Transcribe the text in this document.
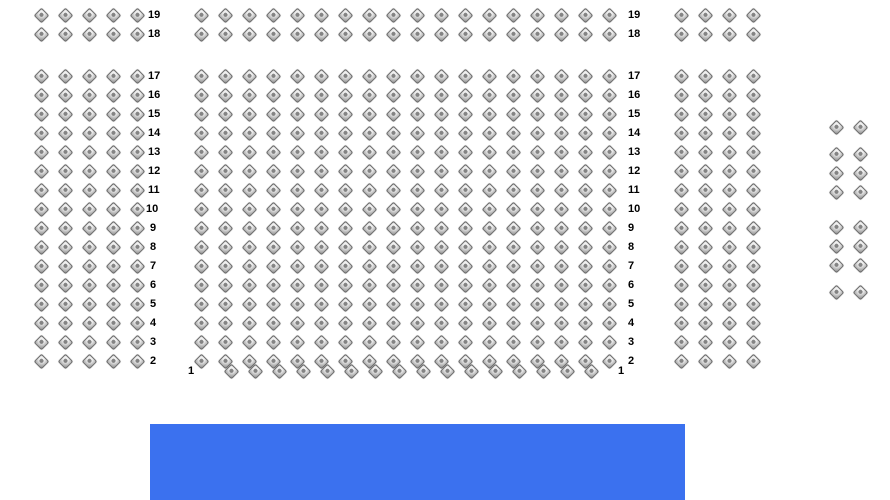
19
18
19
18
17
16
15
14
13
12
11
17
16
15
14
13
12
11
10
9
8
7
6
5
4
3
2
10
9
8
7
6
5
4
3
2
1	1
